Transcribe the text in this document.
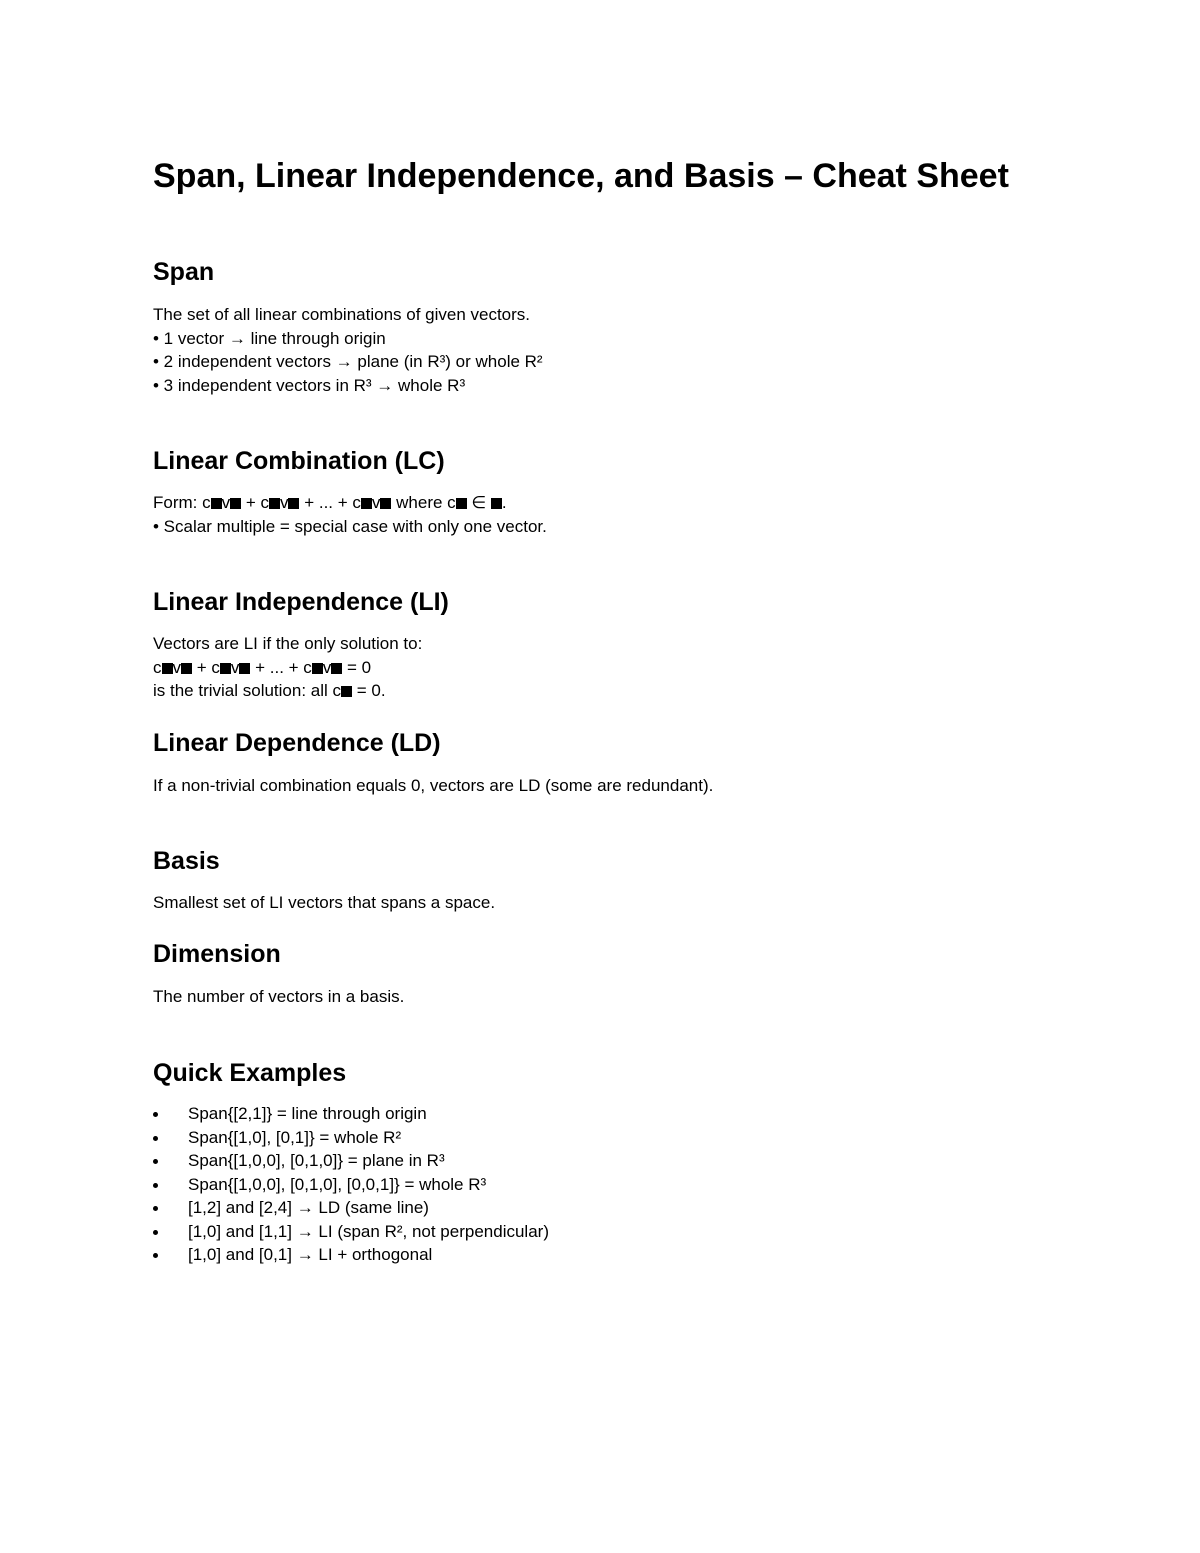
Span, Linear Independence, and Basis – Cheat Sheet
Span
The set of all linear combinations of given vectors.
• 1 vector → line through origin
• 2 independent vectors → plane (in R³) or whole R²
• 3 independent vectors in R³ → whole R³
Linear Combination (LC)
Form: c v + c v + ... + c v where c ∈ .
• Scalar multiple = special case with only one vector.
Linear Independence (LI)
Vectors are LI if the only solution to:
c v + c v + ... + c v = 0
is the trivial solution: all c = 0.
Linear Dependence (LD)
If a non-trivial combination equals 0, vectors are LD (some are redundant).
Basis
Smallest set of LI vectors that spans a space.
Dimension
The number of vectors in a basis.
Quick Examples
Span{[2,1]} = line through origin
Span{[1,0], [0,1]} = whole R²
Span{[1,0,0], [0,1,0]} = plane in R³
Span{[1,0,0], [0,1,0], [0,0,1]} = whole R³
[1,2] and [2,4] → LD (same line)
[1,0] and [1,1] → LI (span R², not perpendicular)
[1,0] and [0,1] → LI + orthogonal
